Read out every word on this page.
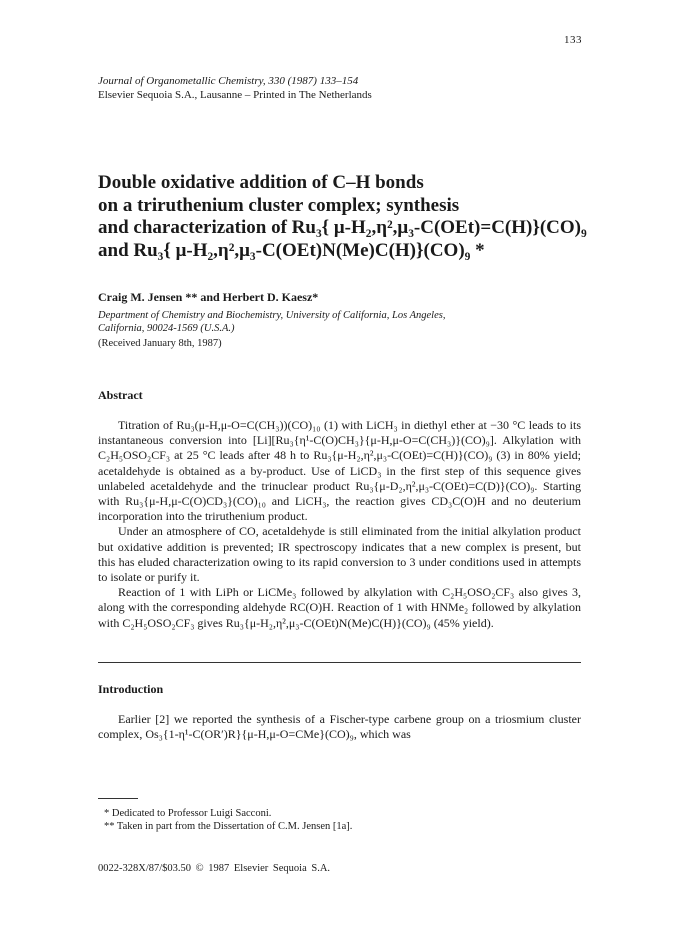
133
Journal of Organometallic Chemistry, 330 (1987) 133–154
Elsevier Sequoia S.A., Lausanne – Printed in The Netherlands
Double oxidative addition of C–H bonds
on a triruthenium cluster complex; synthesis
and characterization of Ru₃{ μ-H₂,η²,μ₃-C(OEt)=C(H)}(CO)₉
and Ru₃{ μ-H₂,η²,μ₃-C(OEt)N(Me)C(H)}(CO)₉ *
Craig M. Jensen ** and Herbert D. Kaesz*
Department of Chemistry and Biochemistry, University of California, Los Angeles,
California, 90024-1569 (U.S.A.)
(Received January 8th, 1987)
Abstract

Titration of Ru₃(μ-H,μ-O=C(CH₃))(CO)₁₀ (1) with LiCH₃ in diethyl ether at −30 °C leads to its instantaneous conversion into [Li][Ru₃{η¹-C(O)CH₃}{μ-H,μ-O=C(CH₃)}(CO)₉]. Alkylation with C₂H₅OSO₂CF₃ at 25 °C leads after 48 h to Ru₃{μ-H₂,η²,μ₃-C(OEt)=C(H)}(CO)₉ (3) in 80% yield; acetaldehyde is obtained as a by-product. Use of LiCD₃ in the first step of this sequence gives unlabeled acetaldehyde and the trinuclear product Ru₃{μ-D₂,η²,μ₃-C(OEt)=C(D)}(CO)₉. Starting with Ru₃{μ-H,μ-C(O)CD₃}(CO)₁₀ and LiCH₃, the reaction gives CD₃C(O)H and no deuterium incorporation into the triruthenium product.

Under an atmosphere of CO, acetaldehyde is still eliminated from the initial alkylation product but oxidative addition is prevented; IR spectroscopy indicates that a new complex is present, but this has eluded characterization owing to its rapid conversion to 3 under conditions used in attempts to isolate or purify it.

Reaction of 1 with LiPh or LiCMe₃ followed by alkylation with C₂H₅OSO₂CF₃ also gives 3, along with the corresponding aldehyde RC(O)H. Reaction of 1 with HNMe₂ followed by alkylation with C₂H₅OSO₂CF₃ gives Ru₃{μ-H₂,η²,μ₃-C(OEt)N(Me)C(H)}(CO)₉ (45% yield).

Introduction

Earlier [2] we reported the synthesis of a Fischer-type carbene group on a triosmium cluster complex, Os₃{1-η¹-C(OR′)R}{μ-H,μ-O=CMe}(CO)₉, which was

* Dedicated to Professor Luigi Sacconi.
** Taken in part from the Dissertation of C.M. Jensen [1a].
0022-328X/87/$03.50 © 1987 Elsevier Sequoia S.A.
